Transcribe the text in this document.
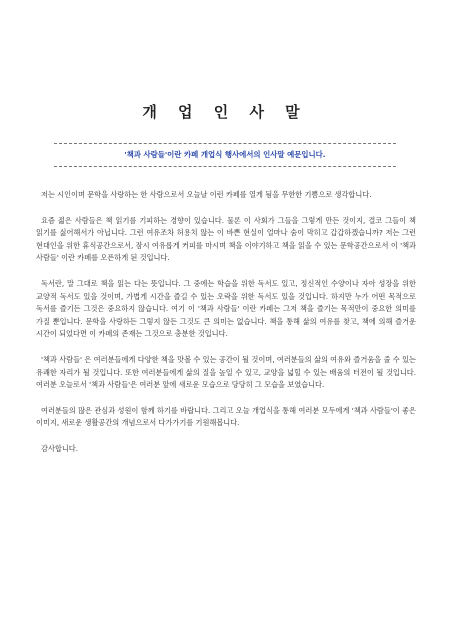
개 업 인 사 말
'책과 사람들'이란 카페 개업식 행사에서의 인사말 예문입니다.

저는 시인이며 문학을 사랑하는 한 사람으로서 오늘날 이런 카페를 열게 됨을 무한한 기쁨으로 생각합니다.

요즘 젊은 사람들은 책 읽기를 기피하는 경향이 있습니다. 물론 이 사회가 그들을 그렇게 만든 것이지, 결코 그들이 책 읽기를 싫어해서가 아닙니다. 그런 여유조차 허용치 않는 이 바쁜 현실이 얼마나 숨이 막히고 갑갑하겠습니까? 저는 그런 현대인을 위한 휴식공간으로서, 잠시 여유롭게 커피를 마시며 책을 이야기하고 책을 읽을 수 있는 문학공간으로서 이 '책과 사람들' 이란 카페를 오픈하게 된 것입니다.

독서란, 말 그대로 책을 읽는 다는 뜻입니다. 그 중에는 학습을 위한 독서도 있고, 정신적인 수양이나 자아 성장을 위한 교양적 독서도 있을 것이며, 가볍게 시간을 즐길 수 있는 오락을 위한 독서도 있을 것입니다. 하지만 누가 어떤 목적으로 독서를 즐기든 그것은 중요하지 않습니다. 여기 이 '책과 사람들' 이란 카페는 그저 책을 즐기는 목적만이 중요한 의미를 가질 뿐입니다. 문학을 사랑하든 그렇지 않든 그것도 큰 의미는 없습니다. 책을 통해 삶의 여유를 찾고, 책에 의해 즐거운 시간이 되었다면 이 카페의 존재는 그것으로 충분한 것입니다.

'책과 사람들' 은 여러분들에게 다양한 책을 맛볼 수 있는 공간이 될 것이며, 여러분들의 삶의 여유와 즐거움을 줄 수 있는 유쾌한 자리가 될 것입니다. 또한 여러분들에게 삶의 질을 높일 수 있고, 교양을 넓힐 수 있는 배움의 터전이 될 것입니다. 여러분 오늘로서 '책과 사람들'은 여러분 앞에 새로운 모습으로 당당히 그 모습을 보였습니다.

여러분들의 많은 관심과 성원이 함께 하기를 바랍니다. 그리고 오늘 개업식을 통해 여러분 모두에게 '책과 사람들'이 좋은 이미지, 새로운 생활공간의 개념으로서 다가가기를 기원해봅니다.

감사합니다.
